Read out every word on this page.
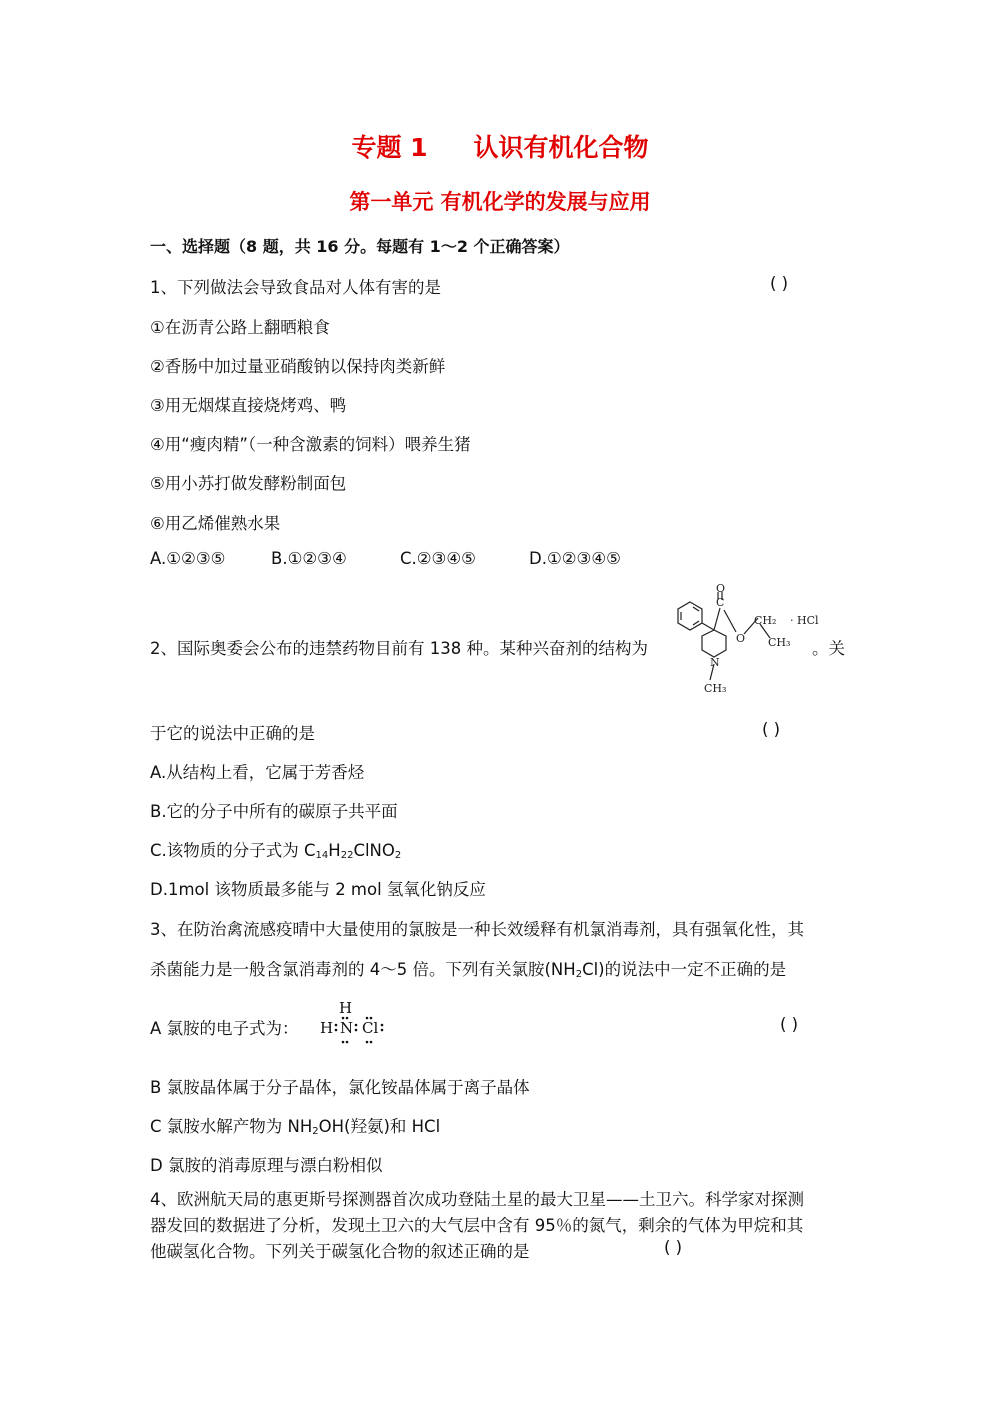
专题 1 认识有机化合物
第一单元 有机化学的发展与应用
一、选择题（8 题，共 16 分。每题有 1～2 个正确答案）
1、下列做法会导致食品对人体有害的是	( )
①在沥青公路上翻晒粮食
②香肠中加过量亚硝酸钠以保持肉类新鲜
③用无烟煤直接烧烤鸡、鸭
④用“瘦肉精”（一种含激素的饲料）喂养生猪
⑤用小苏打做发酵粉制面包
⑥用乙烯催熟水果
A.①②③⑤	B.①②③④	C.②③④⑤	D.①②③④⑤
2、国际奥委会公布的违禁药物目前有 138 种。某种兴奋剂的结构为
O
C
O
CH₂ · HCl
CH₃
N
CH₃
。关
于它的说法中正确的是	( )
A.从结构上看，它属于芳香烃
B.它的分子中所有的碳原子共平面
C.该物质的分子式为 $C_{14}H_{22}ClNO_2$
D.1mol 该物质最多能与 2 mol 氢氧化钠反应
3、在防治禽流感疫晴中大量使用的氯胺是一种长效缓释有机氯消毒剂，具有强氧化性，其
杀菌能力是一般含氯消毒剂的 4～5 倍。下列有关氯胺$(NH_2Cl)$的说法中一定不正确的是
A 氯胺的电子式为：
H
H N Cl	( )
B 氯胺晶体属于分子晶体，氯化铵晶体属于离子晶体
C 氯胺水解产物为 $NH_2OH$(羟氨)和 HCl
D 氯胺的消毒原理与漂白粉相似
4、欧洲航天局的惠更斯号探测器首次成功登陆土星的最大卫星——土卫六。科学家对探测
器发回的数据进了分析，发现土卫六的大气层中含有 95％的氮气，剩余的气体为甲烷和其
他碳氢化合物。下列关于碳氢化合物的叙述正确的是	( )
